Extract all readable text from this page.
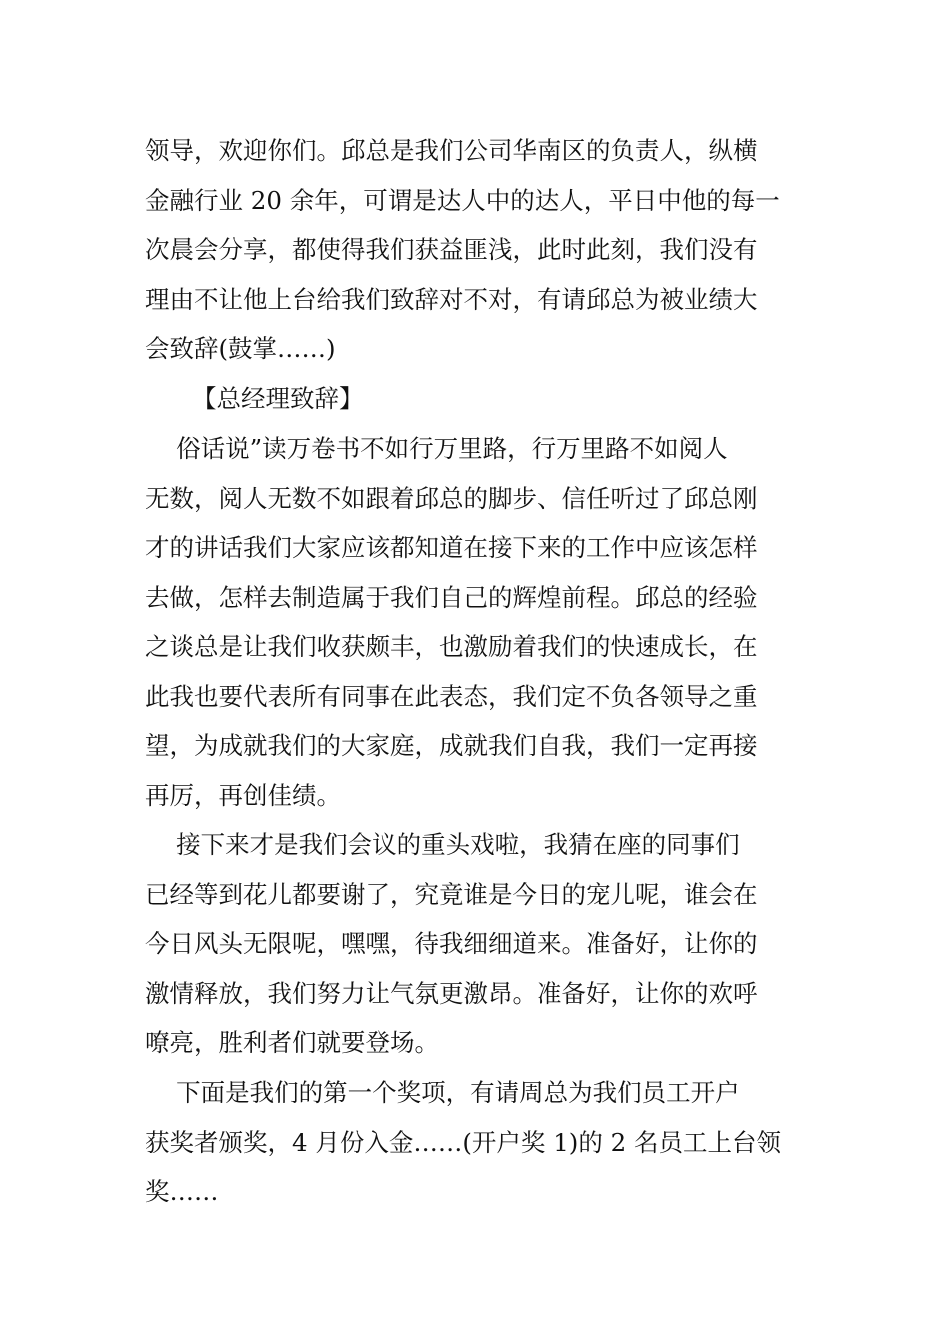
领导，欢迎你们。邱总是我们公司华南区的负责人，纵横

金融行业 20 余年，可谓是达人中的达人，平日中他的每一

次晨会分享，都使得我们获益匪浅，此时此刻，我们没有

理由不让他上台给我们致辞对不对，有请邱总为被业绩大

会致辞(鼓掌……)

【总经理致辞】

俗话说”读万卷书不如行万里路，行万里路不如阅人

无数，阅人无数不如跟着邱总的脚步、信任听过了邱总刚

才的讲话我们大家应该都知道在接下来的工作中应该怎样

去做，怎样去制造属于我们自己的辉煌前程。邱总的经验

之谈总是让我们收获颇丰，也激励着我们的快速成长，在

此我也要代表所有同事在此表态，我们定不负各领导之重

望，为成就我们的大家庭，成就我们自我，我们一定再接

再厉，再创佳绩。

接下来才是我们会议的重头戏啦，我猜在座的同事们

已经等到花儿都要谢了，究竟谁是今日的宠儿呢，谁会在

今日风头无限呢，嘿嘿，待我细细道来。准备好，让你的

激情释放，我们努力让气氛更激昂。准备好，让你的欢呼

嘹亮，胜利者们就要登场。

下面是我们的第一个奖项，有请周总为我们员工开户

获奖者颁奖，4 月份入金……(开户奖 1)的 2 名员工上台领

奖……
